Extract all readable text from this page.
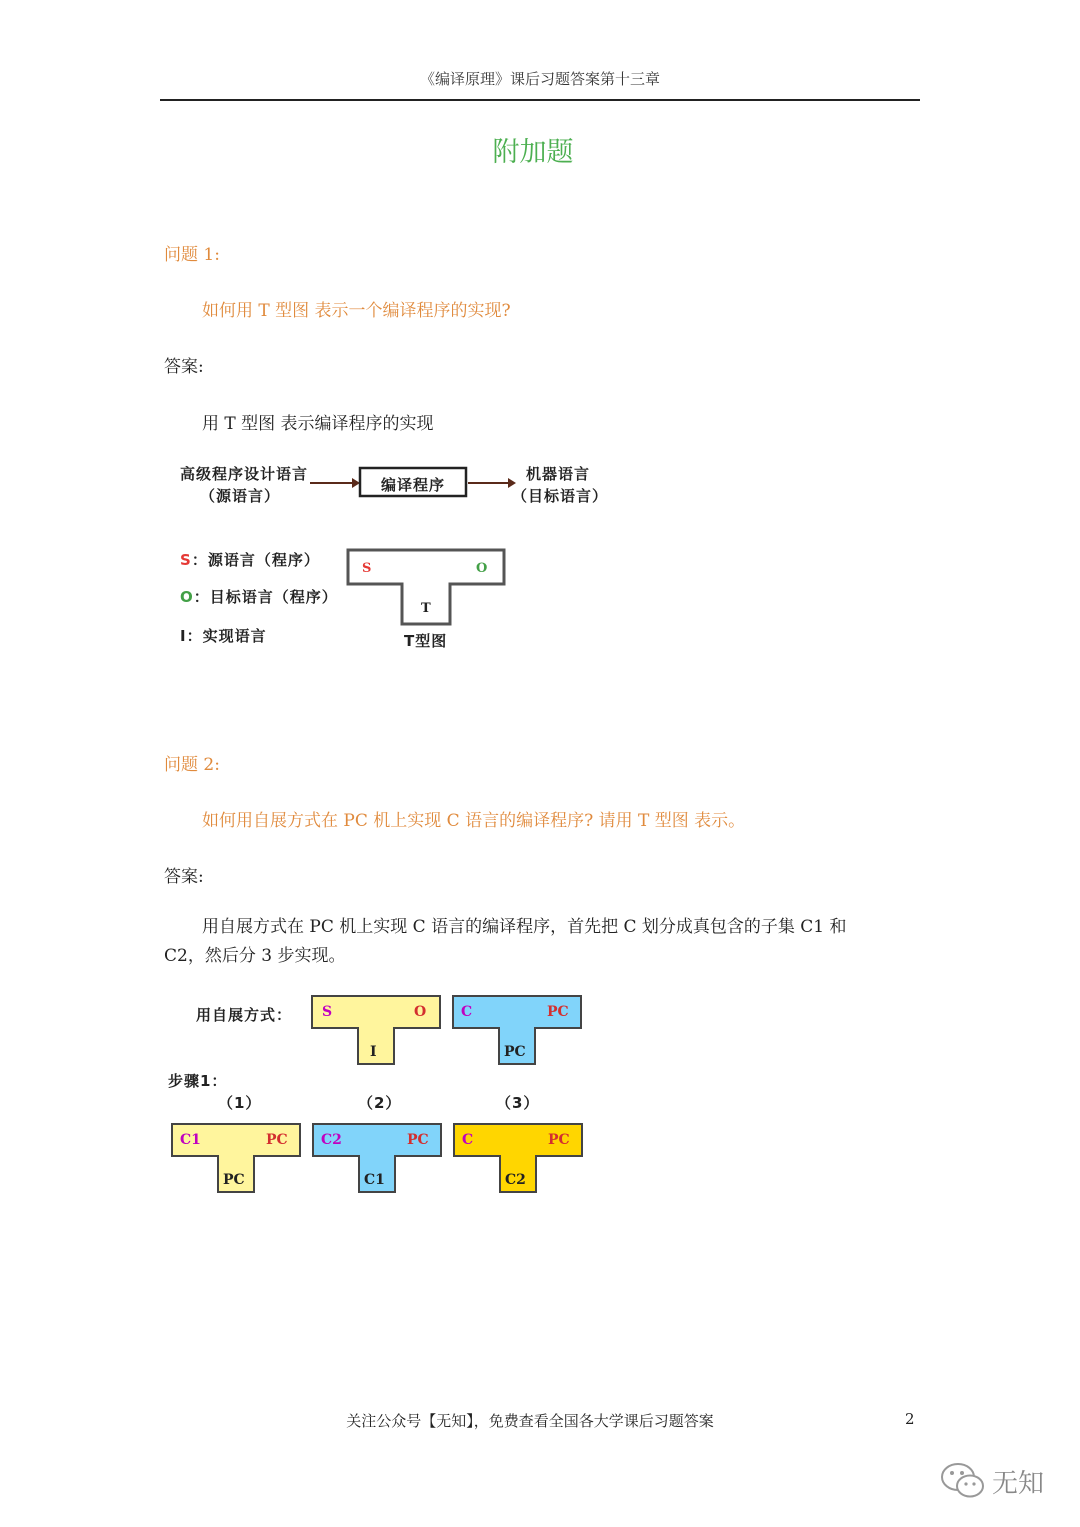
《编译原理》课后习题答案第十三章
附加题
问题 1:
如何用 T 型图 表示一个编译程序的实现?
答案:
用 T 型图 表示编译程序的实现
高级程序设计语言
（源语言）
编译程序
机器语言
（目标语言）
S：源语言（程序）
O：目标语言（程序）
I：实现语言
S	O
T
T型图
问题 2:
如何用自展方式在 PC 机上实现 C 语言的编译程序? 请用 T 型图 表示。
答案:
用自展方式在 PC 机上实现 C 语言的编译程序，首先把 C 划分成真包含的子集 C1 和 C2，然后分 3 步实现。
用自展方式：
步骤1：
（1）	（2）	（3）
S	O
I
C	PC
PC
C1	PC
PC
C2	PC
C1
C	PC
C2
关注公众号【无知】，免费查看全国各大学课后习题答案	2
无知
